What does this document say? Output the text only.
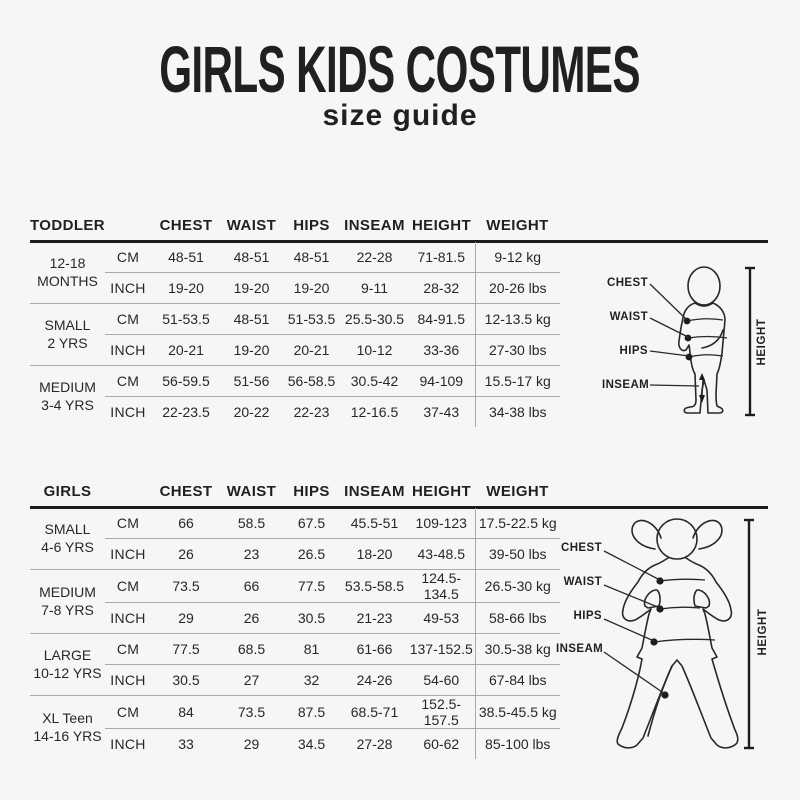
GIRLS KIDS COSTUMES
size guide
TODDLER		CHEST	WAIST	HIPS	INSEAM	HEIGHT	WEIGHT

12-18
MONTHS	CM	48-51	48-51	48-51	22-28	71-81.5	9-12 kg
	INCH	19-20	19-20	19-20	9-11	28-32	20-26 lbs

SMALL
2 YRS	CM	51-53.5	48-51	51-53.5	25.5-30.5	84-91.5	12-13.5 kg
	INCH	20-21	19-20	20-21	10-12	33-36	27-30 lbs

MEDIUM
3-4 YRS	CM	56-59.5	51-56	56-58.5	30.5-42	94-109	15.5-17 kg
	INCH	22-23.5	20-22	22-23	12-16.5	37-43	34-38 lbs
GIRLS		CHEST	WAIST	HIPS	INSEAM	HEIGHT	WEIGHT

SMALL
4-6 YRS	CM	66	58.5	67.5	45.5-51	109-123	17.5-22.5 kg
	INCH	26	23	26.5	18-20	43-48.5	39-50 lbs

MEDIUM
7-8 YRS	CM	73.5	66	77.5	53.5-58.5	124.5-134.5	26.5-30 kg
	INCH	29	26	30.5	21-23	49-53	58-66 lbs

LARGE
10-12 YRS	CM	77.5	68.5	81	61-66	137-152.5	30.5-38 kg
	INCH	30.5	27	32	24-26	54-60	67-84 lbs

XL Teen
14-16 YRS	CM	84	73.5	87.5	68.5-71	152.5-157.5	38.5-45.5 kg
	INCH	33	29	34.5	27-28	60-62	85-100 lbs
CHEST
WAIST
HIPS
INSEAM
HEIGHT
CHEST
WAIST
HIPS
INSEAM	HEIGHT
